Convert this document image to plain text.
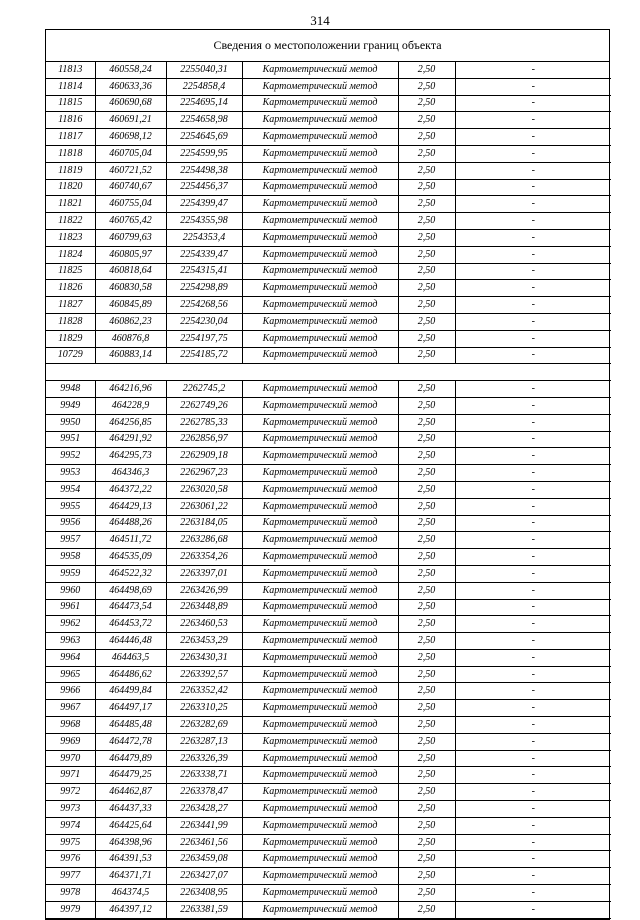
314
Сведения о местоположении границ объекта
11813	460558,24	2255040,31	Картометрический метод	2,50	-
11814	460633,36	2254858,4	Картометрический метод	2,50	-
11815	460690,68	2254695,14	Картометрический метод	2,50	-
11816	460691,21	2254658,98	Картометрический метод	2,50	-
11817	460698,12	2254645,69	Картометрический метод	2,50	-
11818	460705,04	2254599,95	Картометрический метод	2,50	-
11819	460721,52	2254498,38	Картометрический метод	2,50	-
11820	460740,67	2254456,37	Картометрический метод	2,50	-
11821	460755,04	2254399,47	Картометрический метод	2,50	-
11822	460765,42	2254355,98	Картометрический метод	2,50	-
11823	460799,63	2254353,4	Картометрический метод	2,50	-
11824	460805,97	2254339,47	Картометрический метод	2,50	-
11825	460818,64	2254315,41	Картометрический метод	2,50	-
11826	460830,58	2254298,89	Картометрический метод	2,50	-
11827	460845,89	2254268,56	Картометрический метод	2,50	-
11828	460862,23	2254230,04	Картометрический метод	2,50	-
11829	460876,8	2254197,75	Картометрический метод	2,50	-
10729	460883,14	2254185,72	Картометрический метод	2,50	-

9948	464216,96	2262745,2	Картометрический метод	2,50	-
9949	464228,9	2262749,26	Картометрический метод	2,50	-
9950	464256,85	2262785,33	Картометрический метод	2,50	-
9951	464291,92	2262856,97	Картометрический метод	2,50	-
9952	464295,73	2262909,18	Картометрический метод	2,50	-
9953	464346,3	2262967,23	Картометрический метод	2,50	-
9954	464372,22	2263020,58	Картометрический метод	2,50	-
9955	464429,13	2263061,22	Картометрический метод	2,50	-
9956	464488,26	2263184,05	Картометрический метод	2,50	-
9957	464511,72	2263286,68	Картометрический метод	2,50	-
9958	464535,09	2263354,26	Картометрический метод	2,50	-
9959	464522,32	2263397,01	Картометрический метод	2,50	-
9960	464498,69	2263426,99	Картометрический метод	2,50	-
9961	464473,54	2263448,89	Картометрический метод	2,50	-
9962	464453,72	2263460,53	Картометрический метод	2,50	-
9963	464446,48	2263453,29	Картометрический метод	2,50	-
9964	464463,5	2263430,31	Картометрический метод	2,50	-
9965	464486,62	2263392,57	Картометрический метод	2,50	-
9966	464499,84	2263352,42	Картометрический метод	2,50	-
9967	464497,17	2263310,25	Картометрический метод	2,50	-
9968	464485,48	2263282,69	Картометрический метод	2,50	-
9969	464472,78	2263287,13	Картометрический метод	2,50	-
9970	464479,89	2263326,39	Картометрический метод	2,50	-
9971	464479,25	2263338,71	Картометрический метод	2,50	-
9972	464462,87	2263378,47	Картометрический метод	2,50	-
9973	464437,33	2263428,27	Картометрический метод	2,50	-
9974	464425,64	2263441,99	Картометрический метод	2,50	-
9975	464398,96	2263461,56	Картометрический метод	2,50	-
9976	464391,53	2263459,08	Картометрический метод	2,50	-
9977	464371,71	2263427,07	Картометрический метод	2,50	-
9978	464374,5	2263408,95	Картометрический метод	2,50	-
9979	464397,12	2263381,59	Картометрический метод	2,50	-
